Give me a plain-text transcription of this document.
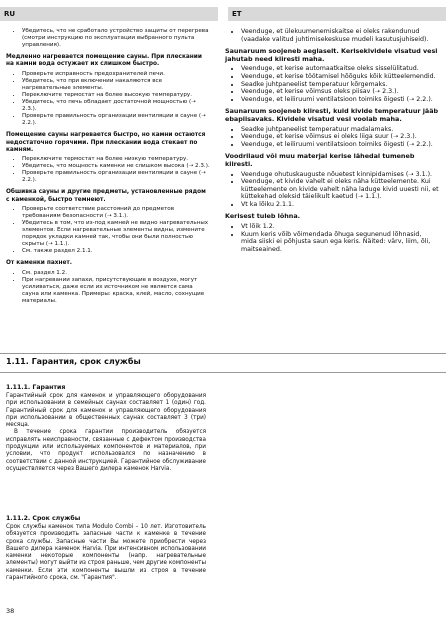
RU	ET
• Убедитесь, что не сработало устройство защиты от перегрева (смотри инструкцию по эксплуатации выбранного пульта управления).
Медленно нагревается помещение сауны. При плескании на камни вода остужает их слишком быстро.
• Проверьте исправность предохранителей печи.
• Убедитесь, что при включении накаляются все нагревательные элементы.
• Переключите термостат на более высокую температуру.
• Убедитесь, что печь обладает достаточной мощностью (➝ 2.3.).
• Проверьте правильность организации вентиляции в сауне (➝ 2.2.).
Помещение сауны нагревается быстро, но камни остаются недостаточно горячими. При плескании вода стекает по камням.
• Переключите термостат на более низкую температуру.
• Убедитесь, что мощность каменки не слишком высока (➝ 2.3.).
• Проверьте правильность организации вентиляции в сауне (➝ 2.2.).
Обшивка сауны и другие предметы, установленные рядом с каменкой, быстро темнеют.
• Проверьте соответствие расстояний до предметов требованиям безопасности (➝ 3.1.).
• Убедитесь в том, что из-под камней не видно нагревательных элементов. Если нагревательные элементы видны, измените порядок укладки камней так, чтобы они были полностью скрыты (➝ 1.1.).
• См. также раздел 2.1.1.
От каменки пахнет.
• См. раздел 1.2.
• При нагревании запахи, присутствующие в воздухе, могут усиливаться, даже если их источником не является сама сауна или каменка. Примеры: краска, клей, масло, сохнущие материалы.
• Veenduge, et ülekuumenemiskaitse ei oleks rakendunud (vaadake valitud juhtimisekeskuse mudeli kasutusjuhiseid).
Saunaruum soojeneb aeglaselt. Kerisekividele visatud vesi jahutab need kiiresti maha.
• Veenduge, et kerise automaatkaitse oleks sisselülitatud.
• Veenduge, et kerise töötamisel hõõguks kõik kütteelemendid.
• Seadke juhtpaneelist temperatuur kõrgemaks.
• Veenduge, et kerise võimsus oleks piisav (➝ 2.3.).
• Veenduge, et leiliruumi ventilatsioon toimiks õigesti (➝ 2.2.).
Saunaruum soojeneb kiiresti, kuid kivide temperatuur jääb ebapiisavaks. Kividele visatud vesi voolab maha.
• Seadke juhtpaneelist temperatuur madalamaks.
• Veenduge, et kerise võimsus ei oleks liiga suur (➝ 2.3.).
• Veenduge, et leiliruumi ventilatsioon toimiks õigesti (➝ 2.2.).
Voodrilaud või muu materjal kerise lähedal tumeneb kiiresti.
• Veenduge ohutuskauguste nõuetest kinnipidamises (➝ 3.1.).
• Veenduge, et kivide vahelt ei oleks näha kütteelemente. Kui kütteelemente on kivide vahelt näha laduge kivid uuesti nii, et küttekehad oleksid täielikult kaetud (➝ 1.1.).
• Vt ka lõiku 2.1.1.
Kerisest tuleb lõhna.
• Vt lõik 1.2.
• Kuum keris võib võimendada õhuga segunenud lõhnasid, mida siiski ei põhjusta saun ega keris. Näited: värv, liim, õli, maitseained.
1.11. Гарантия, срок службы
1.11.1. Гарантия

Гарантийный срок для каменок и управляющего оборудования при использовании в семейных саунах составляет 1 (один) год. Гарантийный срок для каменок и управляющего оборудования при использовании в общественных саунах составляет 3 (три) месяца.

В течение срока гарантии производитель обязуется исправлять неисправности, связанные с дефектом производства продукции или используемых компонентов и материалов, при условии, что продукт использовался по назначению в соответствии с данной инструкцией. Гарантийное обслуживание осуществляется через Вашего дилера каменок Harvia.

1.11.2. Срок службы

Срок службы каменок типа Modulo Combi – 10 лет. Изготовитель обязуется производить запасные части к каменке в течение срока службы. Запасные части Вы можете приобрести через Вашего дилера каменок Harvia. При интенсивном использовании каменки некоторые компоненты (напр. нагревательные элементы) могут выйти из строя раньше, чем другие компоненты каменки. Если эти компоненты вышли из строя в течение гарантийного срока, см. "Гарантия".

38
